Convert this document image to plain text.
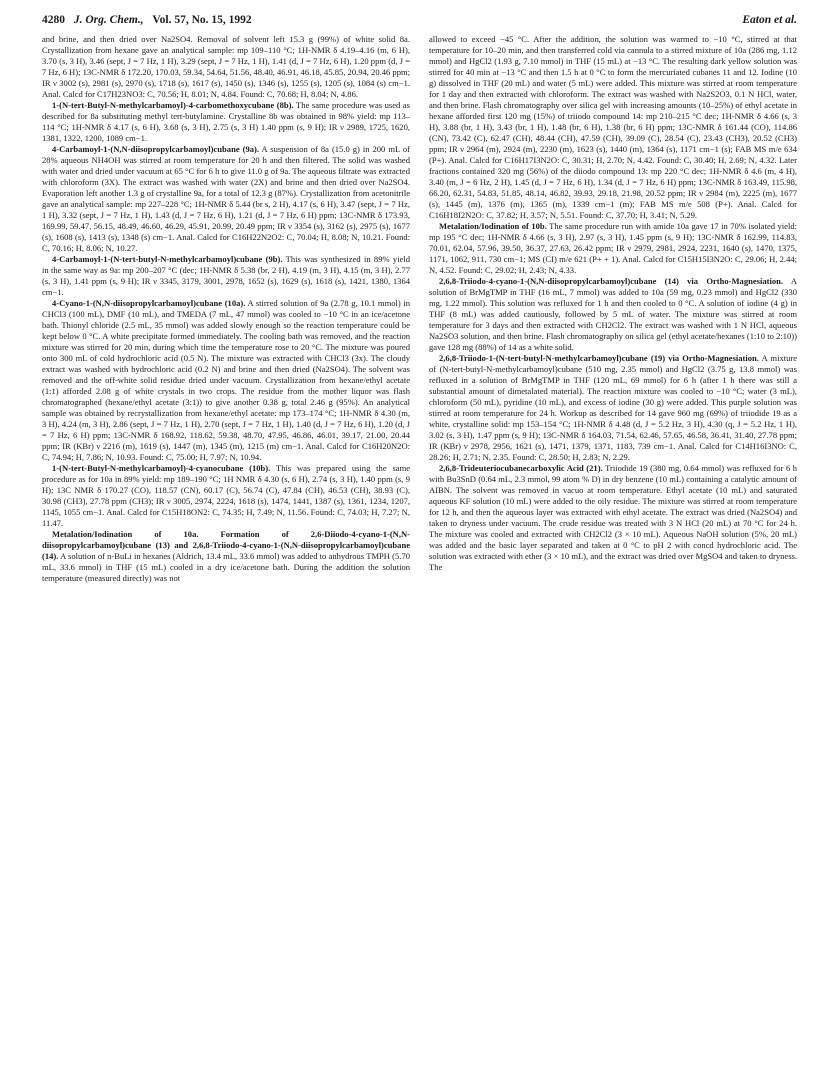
4280 J. Org. Chem., Vol. 57, No. 15, 1992	Eaton et al.

and brine, and then dried over Na2SO4. Removal of solvent left 15.3 g (99%) of white solid 8a. Crystallization from hexane gave an analytical sample: mp 109–110 °C; 1H-NMR δ 4.19–4.16 (m, 6 H), 3.70 (s, 3 H), 3.46 (sept, J = 7 Hz, 1 H), 3.29 (sept, J = 7 Hz, 1 H), 1.41 (d, J = 7 Hz, 6 H), 1.20 ppm (d, J = 7 Hz, 6 H); 13C-NMR δ 172.20, 170.03, 59.34, 54.64, 51.56, 48.40, 46.91, 46.18, 45.85, 20.94, 20.46 ppm; IR ν 3002 (s), 2981 (s), 2970 (s), 1718 (s), 1617 (s), 1450 (s), 1346 (s), 1255 (s), 1205 (s), 1084 (s) cm−1. Anal. Calcd for C17H23NO3: C, 70.56; H, 8.01; N, 4.84. Found: C, 70.68; H, 8.04; N, 4.86.

1-(N-tert-Butyl-N-methylcarbamoyl)-4-carbomethoxycubane (8b). The same procedure was used as described for 8a substituting methyl tert-butylamine. Crystalline 8b was obtained in 98% yield: mp 113–114 °C; 1H-NMR δ 4.17 (s, 6 H), 3.68 (s, 3 H), 2.75 (s, 3 H) 1.40 ppm (s, 9 H); IR ν 2989, 1725, 1620, 1381, 1322, 1200, 1089 cm−1.

4-Carbamoyl-1-(N,N-diisopropylcarbamoyl)cubane (9a). A suspension of 8a (15.0 g) in 200 mL of 28% aqueous NH4OH was stirred at room temperature for 20 h and then filtered. The solid was washed with water and dried under vacuum at 65 °C for 6 h to give 11.0 g of 9a. The aqueous filtrate was extracted with chloroform (3X). The extract was washed with water (2X) and brine and then dried over Na2SO4. Evaporation left another 1.3 g of crystalline 9a, for a total of 12.3 g (87%). Crystallization from acetonitrile gave an analytical sample: mp 227–228 °C; 1H-NMR δ 5.44 (br s, 2 H), 4.17 (s, 6 H), 3.47 (sept, J = 7 Hz, 1 H), 3.32 (sept, J = 7 Hz, 1 H), 1.43 (d, J = 7 Hz, 6 H), 1.21 (d, J = 7 Hz, 6 H) ppm; 13C-NMR δ 173.93, 169.99, 59.47, 56.15, 48.49, 46.60, 46.29, 45.91, 20.99, 20.49 ppm; IR ν 3354 (s), 3162 (s), 2975 (s), 1677 (s), 1608 (s), 1413 (s), 1348 (s) cm−1. Anal. Calcd for C16H22N2O2: C, 70.04; H, 8.08; N, 10.21. Found: C, 70.16; H, 8.06; N, 10.27.

4-Carbamoyl-1-(N-tert-butyl-N-methylcarbamoyl)cubane (9b). This was synthesized in 89% yield in the same way as 9a: mp 200–207 °C (dec; 1H-NMR δ 5.38 (br, 2 H), 4.19 (m, 3 H), 4.15 (m, 3 H), 2.77 (s, 3 H), 1.41 ppm (s, 9 H); IR ν 3345, 3179, 3001, 2978, 1652 (s), 1629 (s), 1618 (s), 1421, 1380, 1364 cm−1.

4-Cyano-1-(N,N-diisopropylcarbamoyl)cubane (10a). A stirred solution of 9a (2.78 g, 10.1 mmol) in CHCl3 (100 mL), DMF (10 mL), and TMEDA (7 mL, 47 mmol) was cooled to −10 °C in an ice/acetone bath. Thionyl chloride (2.5 mL, 35 mmol) was added slowly enough so the reaction temperature could be kept below 0 °C. A white precipitate formed immediately. The cooling bath was removed, and the reaction mixture was stirred for 20 min, during which time the temperature rose to 20 °C. The mixture was poured onto 300 mL of cold hydrochloric acid (0.5 N). The mixture was extracted with CHCl3 (3x). The cloudy extract was washed with hydrochloric acid (0.2 N) and brine and then dried (Na2SO4). The solvent was removed and the off-white solid residue dried under vacuum. Crystallization from hexane/ethyl acetate (1:1) afforded 2.08 g of white crystals in two crops. The residue from the mother liquor was flash chromatographed (hexane/ethyl acetate (3:1)) to give another 0.38 g, total 2.46 g (95%). An analytical sample was obtained by recrystallization from hexane/ethyl acetate: mp 173–174 °C; 1H-NMR δ 4.30 (m, 3 H), 4.24 (m, 3 H), 2.86 (sept, J = 7 Hz, 1 H), 2.70 (sept, J = 7 Hz, 1 H), 1.40 (d, J = 7 Hz, 6 H), 1.20 (d, J = 7 Hz, 6 H) ppm; 13C-NMR δ 168.92, 118.62, 59.38, 48.70, 47.95, 46.86, 46.01, 39.17, 21.00, 20.44 ppm; IR (KBr) ν 2216 (m), 1619 (s), 1447 (m), 1345 (m), 1215 (m) cm−1. Anal. Calcd for C16H20N2O: C, 74.94; H, 7.86; N, 10.93. Found: C, 75.00; H, 7.97; N, 10.94.

1-(N-tert-Butyl-N-methylcarbamoyl)-4-cyanocubane (10b). This was prepared using the same procedure as for 10a in 89% yield: mp 189–190 °C; 1H NMR δ 4.30 (s, 6 H), 2.74 (s, 3 H), 1.40 ppm (s, 9 H); 13C NMR δ 170.27 (CO), 118.57 (CN), 60.17 (C), 56.74 (C), 47.84 (CH), 46.53 (CH), 38.93 (C), 30.98 (CH3), 27.78 ppm (CH3); IR ν 3005, 2974, 2224, 1618 (s), 1474, 1441, 1387 (s), 1361, 1234, 1207, 1145, 1055 cm−1. Anal. Calcd for C15H18ON2: C, 74.35; H, 7.49; N, 11.56. Found: C, 74.03; H, 7.27; N, 11.47.

Metalation/Iodination of 10a. Formation of 2,6-Diiodo-4-cyano-1-(N,N-diisopropylcarbamoyl)cubane (13) and 2,6,8-Triiodo-4-cyano-1-(N,N-diisopropylcarbamoyl)cubane (14). A solution of n-BuLi in hexanes (Aldrich, 13.4 mL, 33.6 mmol) was added to anhydrous TMPH (5.70 mL, 33.6 mmol) in THF (15 mL) cooled in a dry ice/acetone bath. During the addition the solution temperature (measured directly) was not

allowed to exceed −45 °C. After the addition, the solution was warmed to −10 °C, stirred at that temperature for 10–20 min, and then transferred cold via cannula to a stirred mixture of 10a (286 mg, 1.12 mmol) and HgCl2 (1.93 g, 7.10 mmol) in THF (15 mL) at −13 °C. The resulting dark yellow solution was stirred for 40 min at −13 °C and then 1.5 h at 0 °C to form the mercuriated cubanes 11 and 12. Iodine (10 g) dissolved in THF (20 mL) and water (5 mL) were added. This mixture was stirred at room temperature for 1 day and then extracted with chloroform. The extract was washed with Na2S2O3, 0.1 N HCl, water, and then brine. Flash chromatography over silica gel with increasing amounts (10–25%) of ethyl acetate in hexane afforded first 120 mg (15%) of triiodo compound 14: mp 210–215 °C dec; 1H-NMR δ 4.66 (s, 3 H), 3.88 (br, 1 H), 3.43 (br, 1 H), 1.48 (br, 6 H), 1.38 (br, 6 H) ppm; 13C-NMR δ 161.44 (CO), 114.86 (CN), 73.42 (C), 62.47 (CH), 48.44 (CH), 47.59 (CH), 39.09 (C), 28.54 (C), 23.43 (CH3), 20.52 (CH3) ppm; IR ν 2964 (m), 2924 (m), 2230 (m), 1623 (s), 1440 (m), 1364 (s), 1171 cm−1 (s); FAB MS m/e 634 (P+). Anal. Calcd for C16H17I3N2O: C, 30.31; H, 2.70; N, 4.42. Found: C, 30.40; H, 2.69; N, 4.32. Later fractions contained 320 mg (56%) of the diiodo compound 13: mp 220 °C dec; 1H-NMR δ 4.6 (m, 4 H), 3.40 (m, J = 6 Hz, 2 H), 1.45 (d, J = 7 Hz, 6 H), 1.34 (d, J = 7 Hz, 6 H) ppm; 13C-NMR δ 163.49, 115.98, 66.20, 62.31, 54.83, 51.85, 48.14, 46.82, 39.93, 29.18, 21.98, 20.52 ppm; IR ν 2984 (m), 2225 (m), 1677 (s), 1445 (m), 1376 (m), 1365 (m), 1339 cm−1 (m); FAB MS m/e 508 (P+). Anal. Calcd for C16H18I2N2O: C, 37.82; H, 3.57; N, 5.51. Found: C, 37.70; H, 3.41; N, 5.29.

Metalation/Iodination of 10b. The same procedure run with amide 10a gave 17 in 70% isolated yield: mp 195 °C dec; 1H-NMR δ 4.66 (s, 3 H), 2.97 (s, 3 H), 1.45 ppm (s, 9 H); 13C-NMR δ 162.99, 114.83, 70.01, 62.04, 57.96, 39.50, 36.37, 27.63, 26.42 ppm; IR ν 2979, 2981, 2924, 2231, 1640 (s), 1470, 1375, 1171, 1062, 911, 730 cm−1; MS (CI) m/e 621 (P+ + 1). Anal. Calcd for C15H15I3N2O: C, 29.06; H, 2.44; N, 4.52. Found: C, 29.02; H, 2.43; N, 4.33.

2,6,8-Triiodo-4-cyano-1-(N,N-diisopropylcarbamoyl)cubane (14) via Ortho-Magnesiation. A solution of BrMgTMP in THF (16 mL, 7 mmol) was added to 10a (59 mg, 0.23 mmol) and HgCl2 (330 mg, 1.22 mmol). This solution was refluxed for 1 h and then cooled to 0 °C. A solution of iodine (4 g) in THF (8 mL) was added cautiously, followed by 5 mL of water. The mixture was stirred at room temperature for 3 days and then extracted with CH2Cl2. The extract was washed with 1 N HCl, aqueous Na2SO3 solution, and then brine. Flash chromatography on silica gel (ethyl acetate/hexanes (1:10 to 2:10)) gave 128 mg (88%) of 14 as a white solid.

2,6,8-Triiodo-1-(N-tert-butyl-N-methylcarbamoyl)cubane (19) via Ortho-Magnesiation. A mixture of (N-tert-butyl-N-methylcarbamoyl)cubane (510 mg, 2.35 mmol) and HgCl2 (3.75 g, 13.8 mmol) was refluxed in a solution of BrMgTMP in THF (120 mL, 69 mmol) for 6 h (after 1 h there was still a substantial amount of dimetalated material). The reaction mixture was cooled to −10 °C; water (3 mL), chloroform (50 mL), pyridine (10 mL), and excess of iodine (30 g) were added. This purple solution was stirred at room temperature for 24 h. Workup as described for 14 gave 960 mg (69%) of triiodide 19 as a white, crystalline solid: mp 153–154 °C; 1H-NMR δ 4.48 (d, J = 5.2 Hz, 3 H), 4.30 (q, J = 5.2 Hz, 1 H), 3.02 (s, 3 H), 1.47 ppm (s, 9 H); 13C-NMR δ 164.03, 71.54, 62.46, 57.65, 46.58, 36.41, 31.40, 27.78 ppm; IR (KBr) ν 2978, 2956, 1621 (s), 1471, 1379, 1371, 1183, 739 cm−1. Anal. Calcd for C14H16I3NO: C, 28.26; H, 2.71; N, 2.35. Found: C, 28.50; H, 2.83; N, 2.29.

2,6,8-Trideuteriocubanecarboxylic Acid (21). Triiodide 19 (380 mg, 0.64 mmol) was refluxed for 6 h with Bu3SnD (0.64 mL, 2.3 mmol, 99 atom % D) in dry benzene (10 mL) containing a catalytic amount of AIBN. The solvent was removed in vacuo at room temperature. Ethyl acetate (10 mL) and saturated aqueous KF solution (10 mL) were added to the oily residue. The mixture was stirred at room temperature for 12 h, and then the aqueous layer was extracted with ethyl acetate. The extract was dried (Na2SO4) and taken to dryness under vacuum. The crude residue was treated with 3 N HCl (20 mL) at 70 °C for 24 h. The mixture was cooled and extracted with CH2Cl2 (3 × 10 mL). Aqueous NaOH solution (5%, 20 mL) was added and the basic layer separated and taken at 0 °C to pH 2 with concd hydrochloric acid. The solution was extracted with ether (3 × 10 mL), and the extract was dried over MgSO4 and taken to dryness. The
